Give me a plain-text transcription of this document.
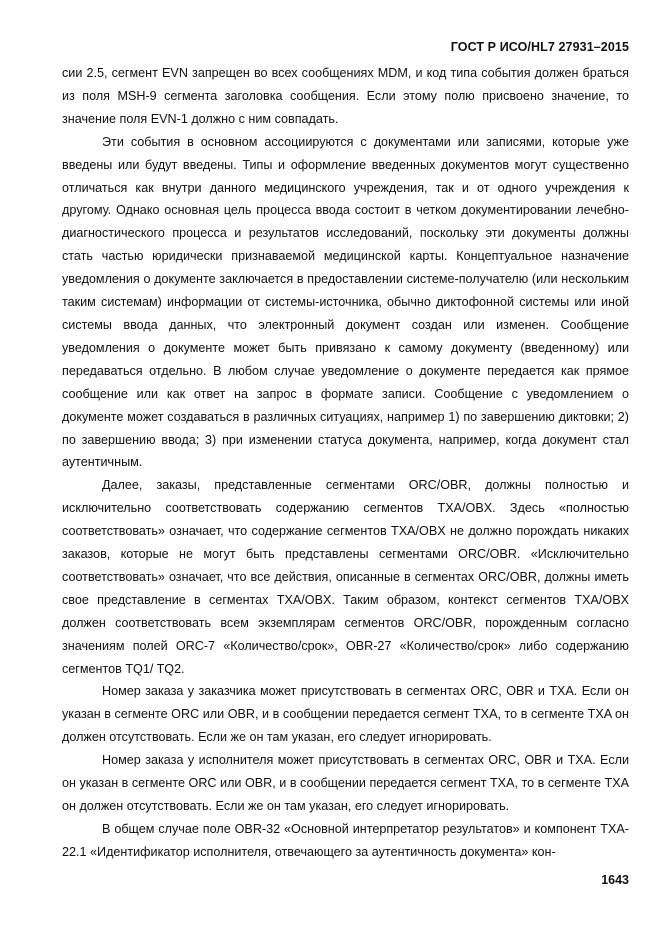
ГОСТ Р ИСО/HL7 27931–2015

сии 2.5, сегмент EVN запрещен во всех сообщениях MDM, и код типа события должен браться из поля MSH-9 сегмента заголовка сообщения. Если этому полю присвоено значение, то значение поля EVN-1 должно с ним совпадать.

Эти события в основном ассоциируются с документами или записями, которые уже введены или будут введены. Типы и оформление введенных документов могут существенно отличаться как внутри данного медицинского учреждения, так и от одного учреждения к другому. Однако основная цель процесса ввода состоит в четком документировании лечебно-диагностического процесса и результатов исследований, поскольку эти документы должны стать частью юридически признаваемой медицинской карты. Концептуальное назначение уведомления о документе заключается в предоставлении системе-получателю (или нескольким таким системам) информации от системы-источника, обычно диктофонной системы или иной системы ввода данных, что электронный документ создан или изменен. Сообщение уведомления о документе может быть привязано к самому документу (введенному) или передаваться отдельно. В любом случае уведомление о документе передается как прямое сообщение или как ответ на запрос в формате записи. Сообщение с уведомлением о документе может создаваться в различных ситуациях, например 1) по завершению диктовки; 2) по завершению ввода; 3) при изменении статуса документа, например, когда документ стал аутентичным.

Далее, заказы, представленные сегментами ORC/OBR, должны полностью и исключительно соответствовать содержанию сегментов TXA/OBX. Здесь «полностью соответствовать» означает, что содержание сегментов TXA/OBX не должно порождать никаких заказов, которые не могут быть представлены сегментами ORC/OBR. «Исключительно соответствовать» означает, что все действия, описанные в сегментах ORC/OBR, должны иметь свое представление в сегментах TXA/OBX. Таким образом, контекст сегментов TXA/OBX должен соответствовать всем экземплярам сегментов ORC/OBR, порожденным согласно значениям полей ORC-7 «Количество/срок», OBR-27 «Количество/срок» либо содержанию сегментов TQ1/ TQ2.

Номер заказа у заказчика может присутствовать в сегментах ORC, OBR и TXA. Если он указан в сегменте ORC или OBR, и в сообщении передается сегмент TXA, то в сегменте TXA он должен отсутствовать. Если же он там указан, его следует игнорировать.

Номер заказа у исполнителя может присутствовать в сегментах ORC, OBR и TXA. Если он указан в сегменте ORC или OBR, и в сообщении передается сегмент TXA, то в сегменте TXA он должен отсутствовать. Если же он там указан, его следует игнорировать.

В общем случае поле OBR-32 «Основной интерпретатор результатов» и компонент TXA-22.1 «Идентификатор исполнителя, отвечающего за аутентичность документа» кон-

1643
